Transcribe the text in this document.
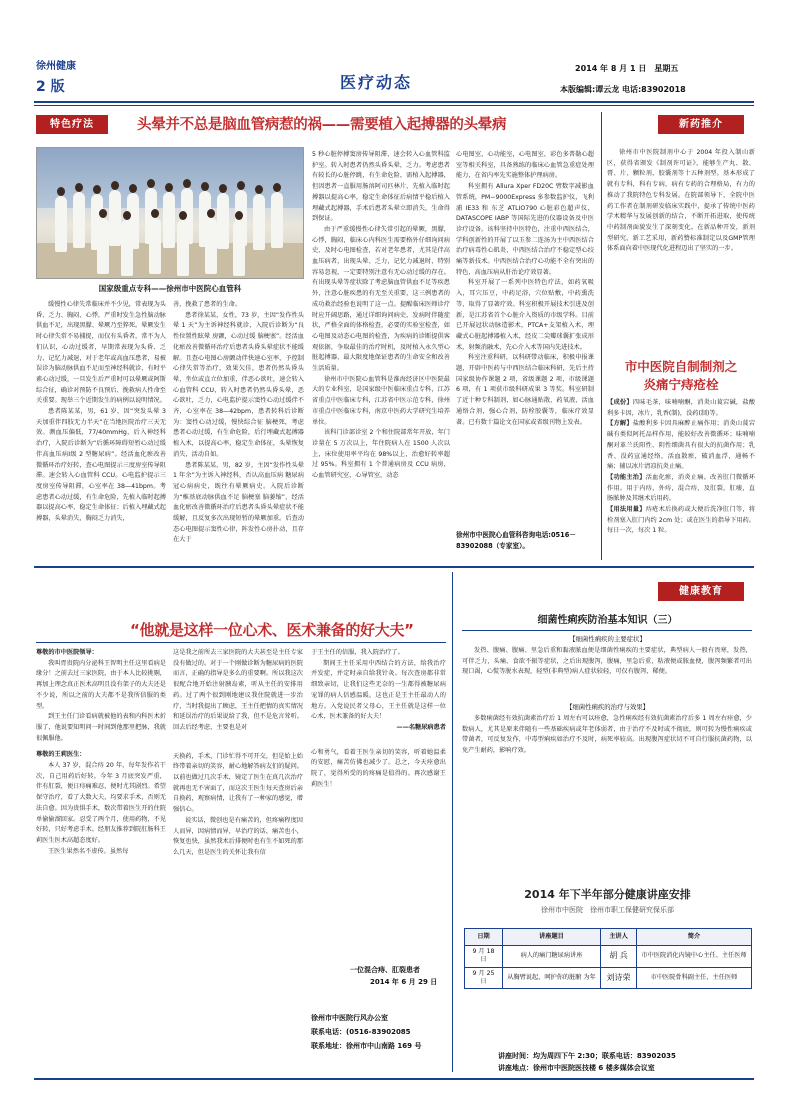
徐州健康
2 版	医疗动态
2014 年 8 月 1 日　星期五
本版编辑:谭云龙 电话:83902018
特色疗法	头晕并不总是脑血管病惹的祸——需要植入起搏器的头晕病
国家级重点专科——徐州市中医院心血管科

缓慢性心律失常临床并不少见，常表现为头昏、乏力、胸闷、心悸，严重时发生急性脑动脉供血不足，出现黑朦、晕厥乃至猝死。晕厥发生时心律失常不易捕捉，而仅有头昏者，常不为人们认识，心动过缓者，早期常表现为头昏、乏力、记忆力减退，对于老年或高血压患者，易被误诊为脑动脉供血不足而至神经科就诊，有时平素心动过缓，一旦发生后严重时可以晕厥或阿斯综合征，确诊对预防不良预后、挽救病人性命至关重要。现举三个近期发生的病例以说明情况。

患者陈某某，男，61 岁，因“突发头晕 3 天加重伴四肢无力半天”在当地医院治疗三天无效。测血压偏低，77/40mmHg，后入神经科治疗，入院后诊断为“后循环障碍短暂心动过缓伴高血压病Ⅰ级 2 型糖尿病”。经活血化瘀改善微循环治疗好转，查心电图提示三度房室传导阻滞。速会转入心血管科 CCU。心电监护提示三度房室传导阻滞，心室率在 38—41bpm。考虑患者心动过缓，有生命危险，先植入临时起搏器以提高心率，稳定生命体征；后植入埋藏式起搏器，头晕消失，胸闷乏力消失，

善，挽救了患者的生命。

患者徐某某，女性，73 岁，主因“发作性头晕 1 天”为主诉神经科就诊，入院后诊断为“良性位置性眩晕 房颤，心动过缓 脑梗塞”。经活血化瘀改善微循环治疗后患者头昏头晕症状不能缓解。且查心电图心房颤动伴快速心室率，予控制心律失常等治疗，效果欠佳，患者仍然头昏头晕，坐位或直立位加重，伴恶心欲吐，速会转入心血管科 CCU，转入时患者仍然头昏头晕，恶心欲吐，乏力，心电监护提示窦性心动过缓伴不齐，心室率在 38—42bpm，患者转科后诊断为：窦性心动过缓，慢快综合征 脑梗死，考虑患者心动过缓，有生命危险，后行埋藏式起搏器植入术，以提高心率，稳定生命体征，头晕恢复消失，活动自如。

患者陈某某，男，82 岁，主因“发作性头晕 1 年余”为主诉入神经科，否认高血压病 糖尿病 冠心病病史，既往有晕厥病史。入院后诊断为“椎基底动脉供血不足 脑梗塞 脑萎缩”，经活血化瘀改善微循环治疗后患者头昏头晕症状不能缓解，且反复多次出现短暂的晕厥加重。后查动态心电图提示窦性心律，阵发性心房扑动，且存在大于

5 秒心脏停搏窦房传导阻滞，速会转入心血管科监护室。转入时患者仍然头昏头晕，乏力。考虑患者有较长的心脏停跳，有生命危险，需植入起搏器，但因患者一直服用肠溶阿司匹林片，先植入临时起搏器以提高心率，稳定生命体征后病情平稳后植入埋藏式起搏器，手术后患者头晕立即消失，生命得到保证。

由于严重缓慢性心律失常引起的晕厥，黑朦，心悸，胸闷，临床心内科医生需要格外仔细询问病史、及时心电图检查，若对老年患者，尤其是伴高血压病者，出现头晕、乏力，记忆力减退时，特别容易忽视，一定要特别注意有无心动过缓的存在。有出现头晕等症状除了考虑脑血管供血不足等疾患外，注意心脏疾患的有无至关重要，这三例患者的成功救治经验也说明了这一点。提醒临床医师诊疗时应开阔思路，通过详细询问病史，发病时伴随症状，严格全面的体格检查，必要的实验室检查，如心电图及动态心电图的检查，为疾病的诊断提供客观依据，争取最佳的治疗时机，及时植入永久型心脏起搏器，最大限度地保证患者的生命安全和改善生活质量。

徐州市中医院心血管科是淮海经济区中医院最大的专业科室，是国家级中医临床重点专科，江苏省重点中医临床专科，江苏省中医示范专科，徐州市重点中医临床专科，南京中医药大学研究生培养单位。

该科门诊部诊室 2 个和住院部常年开放，年门诊量在 5 万次以上，年住院病人在 1500 人次以上，床位使用率平均在 98%以上，治愈好转率超过 95%。科室拥有 1 个普通病房及 CCU 病房，心血管研究室，心导管室，动态

心电图室，心功能室，心电图室，彩色多普勒心超室等相关科室，具备熟练的临床心血管急重症处理能力，在省内率先实施整体护理病房。

科室拥有 Allura Xper FD20C 臂数字减影血管系统，PM−9000Express 多参数监护仪，飞利浦 IE33 和 东芝 ATLIO790 心脏彩色超声仪，DATASCOPE IABP 等国际先进的仪器设备及中医诊疗设备。该科坚持中医特色，注重中西医结合，学科创新性的开展了以玉参二连汤为主中西医结合治疗病毒性心肌炎、中西医结合治疗不稳定型心绞痛等新技术。中西医结合治疗心功能不全有突出的特色，高血压病从肝治论疗效显著。

科室开展了一系列中医特色疗法，如药氧吸入，耳穴压豆，中药足浴，穴位贴敷，中药熏洗等，取得了显著疗效。科室积极开展技术引进及创新，是江苏省首个心脏介入资质的市级学科。目前已开展冠状动脉造影术，PTCA+支架植入术，埋藏式心脏起搏器植入术，经皮二尖瓣球囊扩张成形术，射频消融术，先心介入术等国内先进技术。

科室注重科研，以科研带动临床，积极申报课题，开辟中医药与中西医结合临床科研，先后主持国家级协作课题 2 项，省级课题 2 项，市级课题 6 项，有 1 项获市级科研成果 3 等奖。科室研制了近十种专科制剂，如心脉通贴散，药氧液，活血通络合剂，强心合剂，防栓胶囊等，临床疗效显著。已有数十篇论文在国家或省级刊物上发表。

徐州市中医院心血管科咨询电话:0516－83902088（专家室）。
新药推介

徐州市中医院制剂中心于 2004 年投入制山新区，获得省颁发《制剂许可证》，能够生产丸、散、膏、片、颗粒剂，胶囊剂等十五种剂型。基本形成了就有专科，科有专病，病有专药的合理格局，有力的推动了我院特色专科发展。在院部领导下，全院中医药工作者在制剂研发临床实践中，提承了传统中医药学术精华与发展创新的结合，不断开拓进取，使传统中药制剂面貌发生了深刻变化。在新品种开发，新剂型研究，新工艺采用，新药赞标准制定以及GMP管理体系面向着中医现代化进程迈出了坚实的一步。

市中医院自制制剂之
炎痛宁痔疮栓

【成份】四味毛茶，味喃喃酮，消炎山茛宕碱，盐酸利多卡因，冰片，乳香(制)，没药(制)等。

【方解】盐酸利多卡因具麻醉止痛作用；消炎山茛宕碱有类似阿托品样作用，能较好改善微循环；味喃喃酮对革兰氏阳性、阴性细菌具有很大的抗菌作用；乳香、没药宣通经络，活血散瘀，破消血浮，通畅不痛；辅以冰片清凉抗炎止痛。

【功能主治】活血化瘀，消炎止痛。改善肛门微循环作用。用于内痔，外痔，混合痔，及肛裂，肛瘘，直肠脓肿及其继术后用药。

【用法用量】痔疮术后换药或大便后洗净肛门等，将栓剂塞入肛门内约 2cm 处；或在医生的指导下用药。每日一次，每次 1 粒。

“他就是这样一位心术、医术兼备的好大夫”

尊敬的市中医院领导：

我叫胥贵院内分泌科王智明主任这里看病是缘分！之前去过三家医院，由于本人比较挑剔，再加上理念真正医术高明且没有架子的大夫还是不少说，所以之前的大夫都不是我所信服的类型。

到王主任门诊看病就被他的表和内科医术折服了，他说要知明问一时间到他那里把脉，我就很佩服他。

尊敬的王莉医生：

本人 37 岁，混合痔 20 年，每年发作若干次，自己用药后好转。今年 3 月底突发严重，伴有肛裂，便日痔痛难忍，便时尤其剧烈。希望保守治疗，看了大数大夫，均要求手术，否则无法自愈。因为贵惧手术，数次带着医生开的住院单偷偷溜回家。忍受了两个月，使用药物，不见好转，只好考虑手术。经朋友推荐到院肛肠科王莉医生医术高超态度好。

王医生果然名不虚传。虽然每

这是我之前所去三家医院的大夫甚至是主任专家没有做过的。对于一个刚做诊断为糖尿病的医院而言，正确的指导是多么的重要啊。所以我这次很配合地开始注射胰岛素，听从主任的安排用药。过了两个很到刚地建议我住院就进一步治疗，当时我提出了顾虑，王主任把情的真实情况和延误治疗的后果说给了我，但不是危言耸听。回去后经考虑，主要也是对

天换药，手术，门诊忙得不可开交，但是始上始终带着亲切的笑容，耐心地解答病友们的疑问。以前也做过几次手术，镜定了医生在真几次治疗就再也无不害面了，而这次王医生每天查房后亲自换药，观察病情，让我有了一种家的感觉，增强信心。

说实话，微创也是有痛苦的，但疼痛程度因人而异，因病情而异，早治疗的话，痛苦也小，恢复也快，虽然我术后排便时也有生不如死的那么几天，但是医生的关怀让我有信

于王主任的信服，我入院治疗了。

期间王主任采用中西结合的方法，给我治疗并发症，并定时亲自给我针灸。每次查房都非常细致亲切，让我们这些无奈的一生都得被糖尿病宠罪的病人倍感温暖。这也正是王主任最动人的地方。入党说民者父母心，王主任就是这样一位心术，医术兼备的好大夫！

——名糖尿病患者

心和勇气，看着王医生亲切的笑容，听着她温柔的安慰，痛苦仿佛也减少了。总之，今天痊愈出院了，觉得所受的的疼痛是值得的。再次感谢王莉医生！

一位混合痔、肛裂患者
2014 年 6 月 29 日
徐州市中医院行风办公室
联系电话：(0516-83902085
联系地址：徐州市中山南路 169 号
健康教育
细菌性痢疾防治基本知识（三）
【细菌性痢疾的主要症状】

发热、腹痛、腹痛、里急后重和黏液脓血便是细菌性痢疾的主要症状，典型病人一般有畏寒，发热，可伴乏力，头痛，食欲不振等症状，之后出现腹泻，腹痛，里急后重，粘液便或脓血便，腹泻频繁者可出现口渴，心慌等脱水表现，轻型(非典型)病人症状较轻，可仅有腹泻，稀便。

【细菌性痢疾的治疗与效果】

多数痢菌经有效抗菌素治疗后 1 周左右可以痊愈，急性痢疾经有效抗菌素治疗后多 1 周左右痊愈，少数病人，尤其是原来伴随有一些基础疾病或年老体弱者，由于治疗不及时或不彻底，则可转为慢性痢疾或带菌者，可反复发作，中毒型痢疾如治疗不及时，病死率较高。出现腹泻症状切不可自行服抗菌药物，以免产生耐药，影响疗效。

2014 年下半年部分健康讲座安排
徐州市中医院　徐州市职工保健研究保乐部
日期	讲座题目	主讲人	简介
9 月 18 日	病人的痛门糖尿病讲座	胡 兵	市中医院消化内镜中心主任、主任医师
9 月 25 日	从胸臂说起，呵护你的脏腑 为年	刘诗荣	市中医院骨科副主任、主任医师
讲座时间：均为周四下午 2:30；联系电话：83902035
讲座地点：徐州市中医院医技楼 6 楼多媒体会议室
